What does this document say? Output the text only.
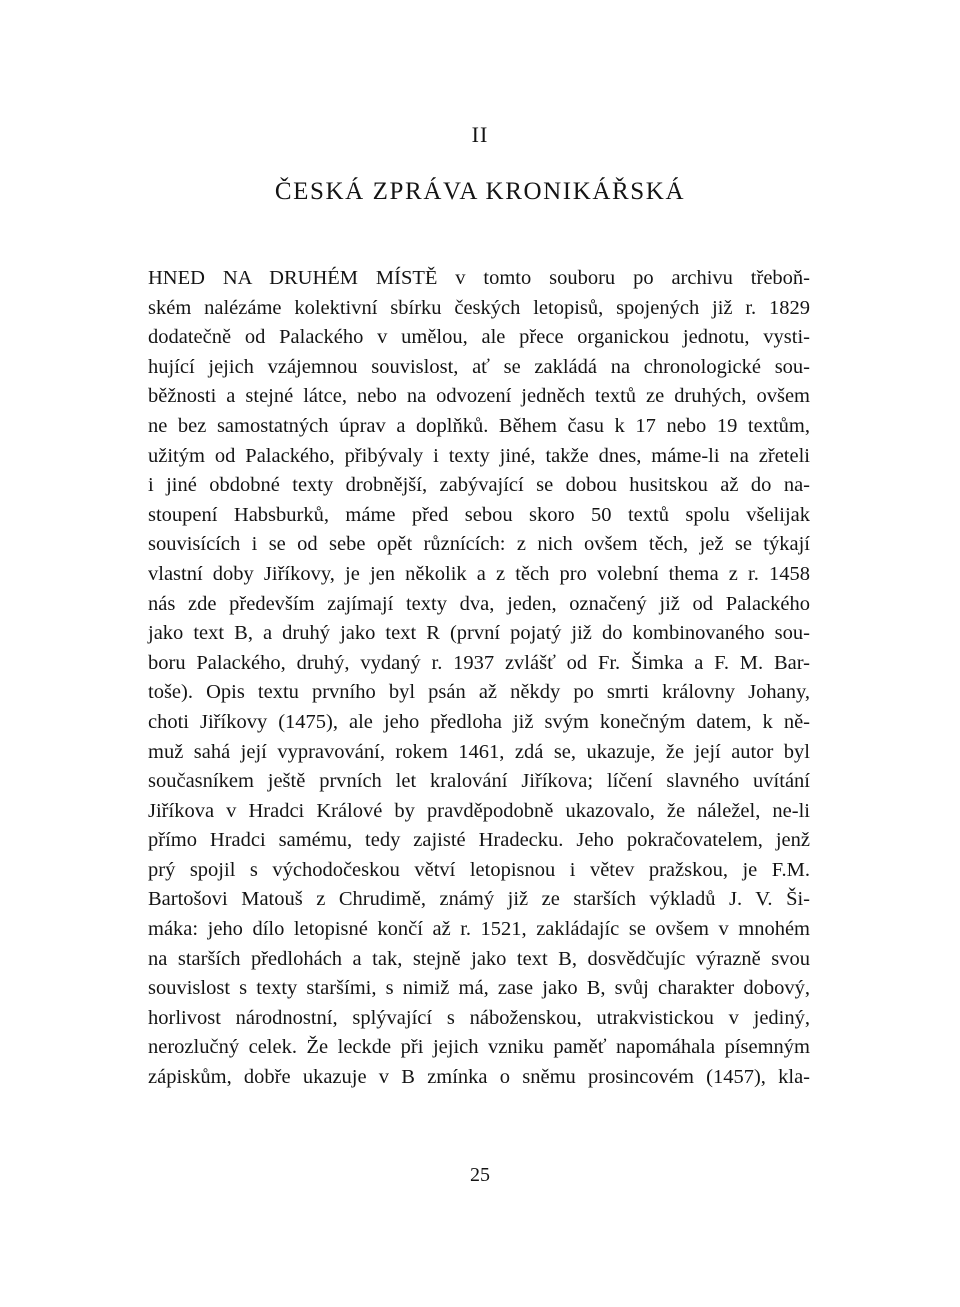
II
ČESKÁ ZPRÁVA KRONIKÁŘSKÁ
HNED NA DRUHÉM MÍSTĚ v tomto souboru po archivu třeboň-
ském nalézáme kolektivní sbírku českých letopisů, spojených již r. 1829
dodatečně od Palackého v umělou, ale přece organickou jednotu, vysti-
hující jejich vzájemnou souvislost, ať se zakládá na chronologické sou-
běžnosti a stejné látce, nebo na odvození jedněch textů ze druhých, ovšem
ne bez samostatných úprav a doplňků. Během času k 17 nebo 19 textům,
užitým od Palackého, přibývaly i texty jiné, takže dnes, máme-li na zřeteli
i jiné obdobné texty drobnější, zabývající se dobou husitskou až do na-
stoupení Habsburků, máme před sebou skoro 50 textů spolu všelijak
souvisících i se od sebe opět různících: z nich ovšem těch, jež se týkají
vlastní doby Jiříkovy, je jen několik a z těch pro volební thema z r. 1458
nás zde především zajímají texty dva, jeden, označený již od Palackého
jako text B, a druhý jako text R (první pojatý již do kombinovaného sou-
boru Palackého, druhý, vydaný r. 1937 zvlášť od Fr. Šimka a F. M. Bar-
toše). Opis textu prvního byl psán až někdy po smrti královny Johany,
choti Jiříkovy (1475), ale jeho předloha již svým konečným datem, k ně-
muž sahá její vypravování, rokem 1461, zdá se, ukazuje, že její autor byl
současníkem ještě prvních let kralování Jiříkova; líčení slavného uvítání
Jiříkova v Hradci Králové by pravděpodobně ukazovalo, že náležel, ne-li
přímo Hradci samému, tedy zajisté Hradecku. Jeho pokračovatelem, jenž
prý spojil s východočeskou větví letopisnou i větev pražskou, je F.M.
Bartošovi Matouš z Chrudimě, známý již ze starších výkladů J. V. Ši-
máka: jeho dílo letopisné končí až r. 1521, zakládajíc se ovšem v mnohém
na starších předlohách a tak, stejně jako text B, dosvědčujíc výrazně svou
souvislost s texty staršími, s nimiž má, zase jako B, svůj charakter dobový,
horlivost národnostní, splývající s náboženskou, utrakvistickou v jediný,
nerozlučný celek. Že leckde při jejich vzniku paměť napomáhala písemným
zápiskům, dobře ukazuje v B zmínka o sněmu prosincovém (1457), kla-
25
